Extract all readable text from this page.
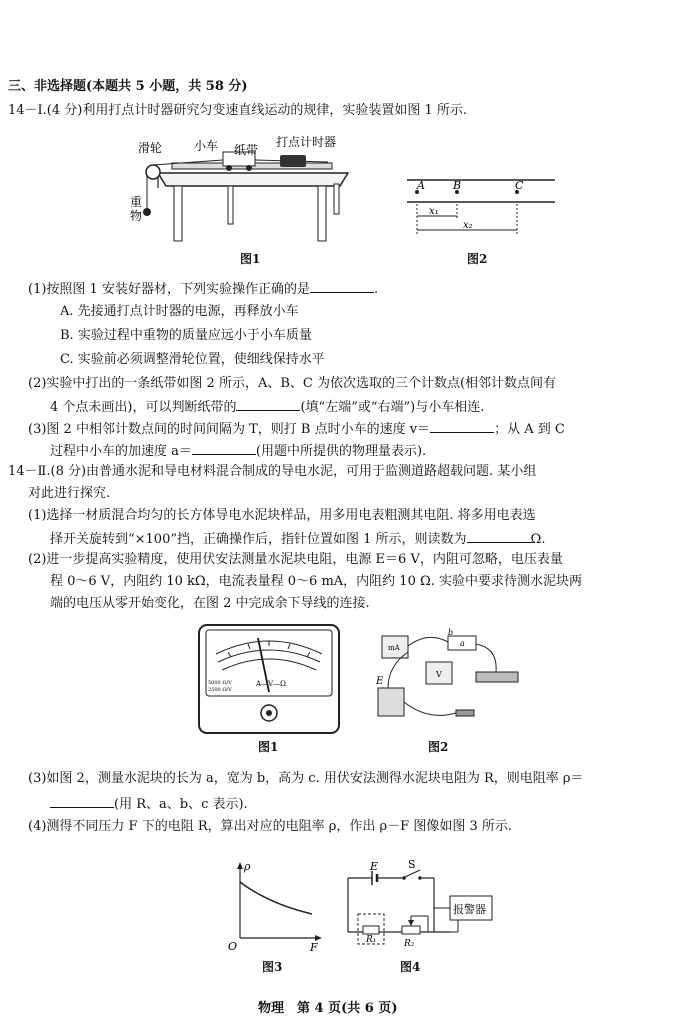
三、非选择题(本题共 5 小题，共 58 分)
14－Ⅰ.(4 分)利用打点计时器研究匀变速直线运动的规律，实验装置如图 1 所示.
滑轮	小车 纸带
打点计时器
重
物
图1
A	B	C
x₁
x₂
图2
(1)按照图 1 安装好器材，下列实验操作正确的是	.
A. 先接通打点计时器的电源，再释放小车
B. 实验过程中重物的质量应远小于小车质量
C. 实验前必须调整滑轮位置，使细线保持水平
(2)实验中打出的一条纸带如图 2 所示，A、B、C 为依次选取的三个计数点(相邻计数点间有
4 个点未画出)，可以判断纸带的	(填“左端”或“右端”)与小车相连.
(3)图 2 中相邻计数点间的时间间隔为 T，则打 B 点时小车的速度 v＝	；从 A 到 C
过程中小车的加速度 a＝	(用题中所提供的物理量表示).
14－Ⅱ.(8 分)由普通水泥和导电材料混合制成的导电水泥，可用于监测道路超载问题. 某小组
对此进行探究.
(1)选择一材质混合均匀的长方体导电水泥块样品，用多用电表粗测其电阻. 将多用电表选
择开关旋转到“×100”挡，正确操作后，指针位置如图 1 所示，则读数为	Ω.
(2)进一步提高实验精度，使用伏安法测量水泥块电阻，电源 E＝6 V，内阻可忽略，电压表量
程 0～6 V，内阻约 10 kΩ，电流表量程 0～6 mA，内阻约 10 Ω. 实验中要求待测水泥块两
端的电压从零开始变化，在图 2 中完成余下导线的连接.
A—V—Ω
5000 Ω/V
2500 Ω/V
图1
mA	a
b
V
E
图2
(3)如图 2，测量水泥块的长为 a，宽为 b，高为 c. 用伏安法测得水泥块电阻为 R，则电阻率 ρ＝
(用 R、a、b、c 表示).
(4)测得不同压力 F 下的电阻 R，算出对应的电阻率 ρ，作出 ρ－F 图像如图 3 所示.
ρ
F
O
图3
E	S
报警器
R₁	R₂
图4
物理　第 4 页(共 6 页)
